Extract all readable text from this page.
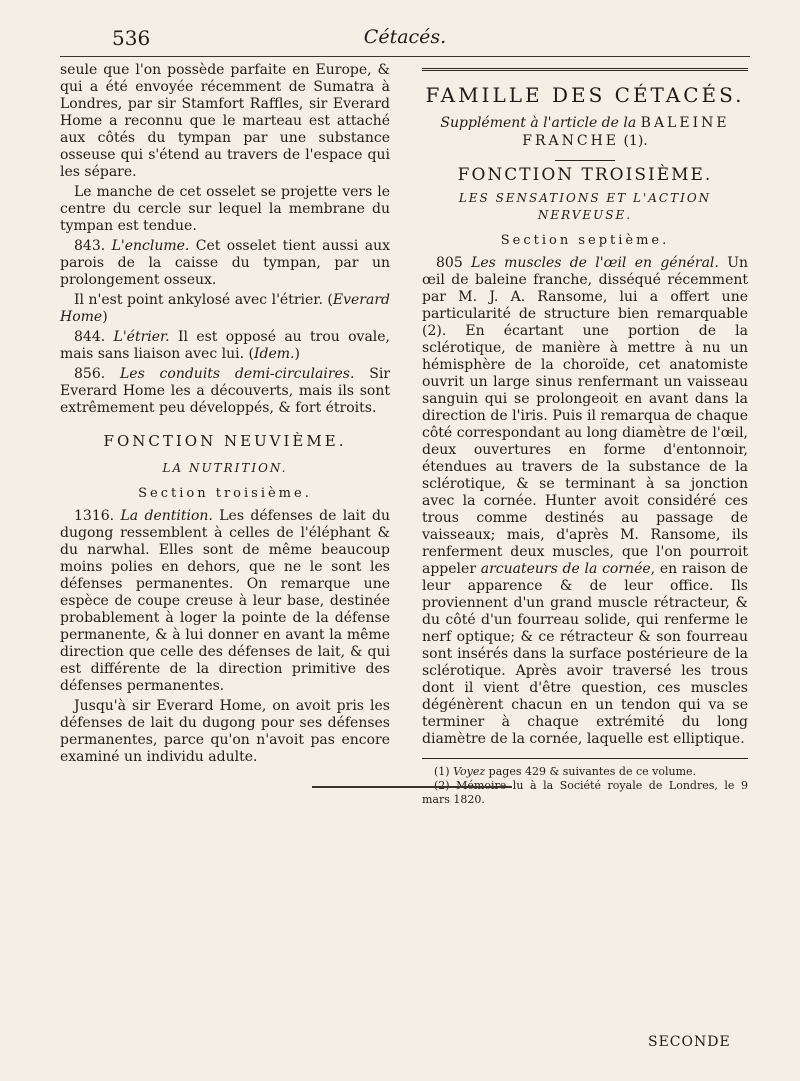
536	Cétacés.

seule que l'on possède parfaite en Europe, & qui a été envoyée récemment de Sumatra à Londres, par sir Stamfort Raffles, sir Everard Home a reconnu que le marteau est attaché aux côtés du tympan par une substance osseuse qui s'étend au travers de l'espace qui les sépare.

Le manche de cet osselet se projette vers le centre du cercle sur lequel la membrane du tympan est tendue.

843. L'enclume. Cet osselet tient aussi aux parois de la caisse du tympan, par un prolongement osseux.

Il n'est point ankylosé avec l'étrier. (Everard Home)

844. L'étrier. Il est opposé au trou ovale, mais sans liaison avec lui. (Idem.)

856. Les conduits demi-circulaires. Sir Everard Home les a découverts, mais ils sont extrêmement peu développés, & fort étroits.

FONCTION NEUVIÈME.
LA NUTRITION.
Section troisième.

1316. La dentition. Les défenses de lait du dugong ressemblent à celles de l'éléphant & du narwhal. Elles sont de même beaucoup moins polies en dehors, que ne le sont les défenses permanentes. On remarque une espèce de coupe creuse à leur base, destinée probablement à loger la pointe de la défense permanente, & à lui donner en avant la même direction que celle des défenses de lait, & qui est différente de la direction primitive des défenses permanentes.

Jusqu'à sir Everard Home, on avoit pris les défenses de lait du dugong pour ses défenses permanentes, parce qu'on n'avoit pas encore examiné un individu adulte.

FAMILLE DES CÉTACÉS.
Supplément à l'article de la BALEINE
FRANCHE (1).
FONCTION TROISIÈME.
LES SENSATIONS ET L'ACTION NERVEUSE.
Section septième.

805 Les muscles de l'œil en général. Un œil de baleine franche, disséqué récemment par M. J. A. Ransome, lui a offert une particularité de structure bien remarquable (2). En écartant une portion de la sclérotique, de manière à mettre à nu un hémisphère de la choroïde, cet anatomiste ouvrit un large sinus renfermant un vaisseau sanguin qui se prolongeoit en avant dans la direction de l'iris. Puis il remarqua de chaque côté correspondant au long diamètre de l'œil, deux ouvertures en forme d'entonnoir, étendues au travers de la substance de la sclérotique, & se terminant à sa jonction avec la cornée. Hunter avoit considéré ces trous comme destinés au passage de vaisseaux; mais, d'après M. Ransome, ils renferment deux muscles, que l'on pourroit appeler arcuateurs de la cornée, en raison de leur apparence & de leur office. Ils proviennent d'un grand muscle rétracteur, & du côté d'un fourreau solide, qui renferme le nerf optique; & ce rétracteur & son fourreau sont insérés dans la surface postérieure de la sclérotique. Après avoir traversé les trous dont il vient d'être question, ces muscles dégénèrent chacun en un tendon qui va se terminer à chaque extrémité du long diamètre de la cornée, laquelle est elliptique.

(1) Voyez pages 429 & suivantes de ce volume.

(2) Mémoire lu à la Société royale de Londres, le 9 mars 1820.

SECONDE
